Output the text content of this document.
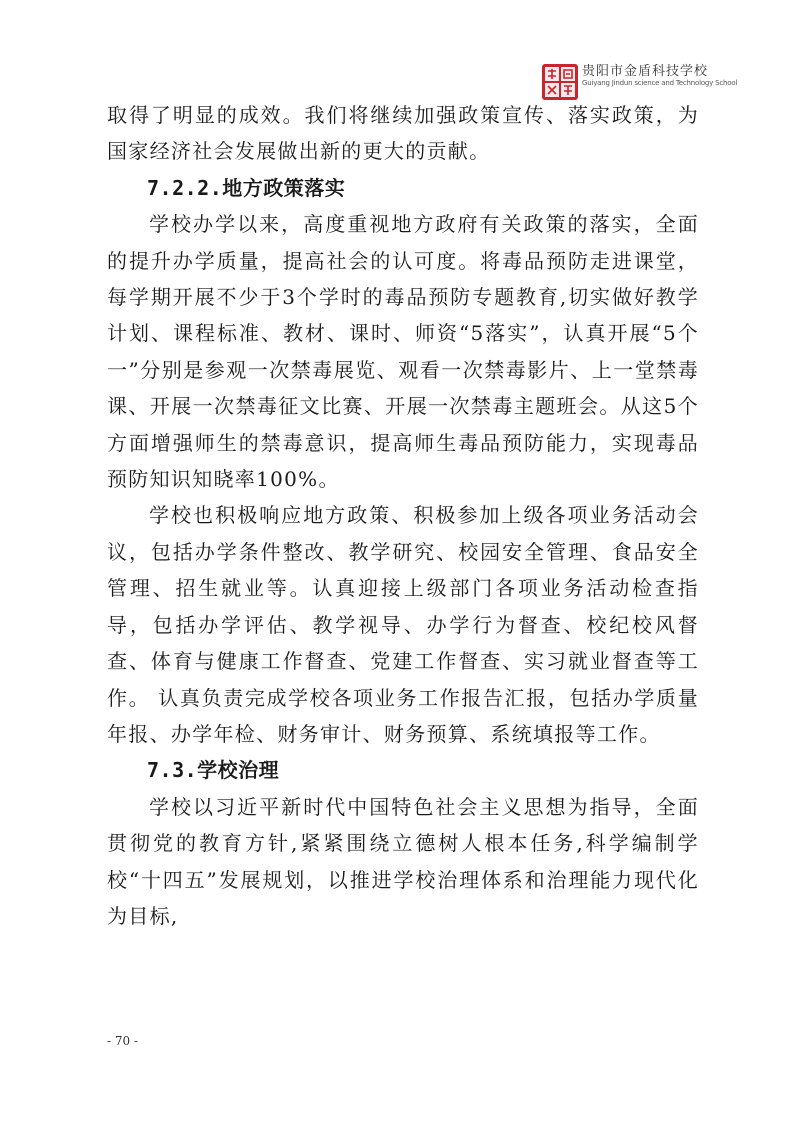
贵阳市金盾科技学校
Guiyang Jindun science and Technology School

取得了明显的成效。我们将继续加强政策宣传、落实政策，为国家经济社会发展做出新的更大的贡献。

7.2.2.地方政策落实

学校办学以来，高度重视地方政府有关政策的落实，全面的提升办学质量，提高社会的认可度。将毒品预防走进课堂，每学期开展不少于3个学时的毒品预防专题教育,切实做好教学计划、课程标准、教材、课时、师资“5落实”，认真开展“5个一”分别是参观一次禁毒展览、观看一次禁毒影片、上一堂禁毒课、开展一次禁毒征文比赛、开展一次禁毒主题班会。从这5个方面增强师生的禁毒意识，提高师生毒品预防能力，实现毒品预防知识知晓率100%。

学校也积极响应地方政策、积极参加上级各项业务活动会议，包括办学条件整改、教学研究、校园安全管理、食品安全管理、招生就业等。认真迎接上级部门各项业务活动检查指导，包括办学评估、教学视导、办学行为督查、校纪校风督查、体育与健康工作督查、党建工作督查、实习就业督查等工作。 认真负责完成学校各项业务工作报告汇报，包括办学质量年报、办学年检、财务审计、财务预算、系统填报等工作。

7.3.学校治理

学校以习近平新时代中国特色社会主义思想为指导，全面贯彻党的教育方针,紧紧围绕立德树人根本任务,科学编制学校“十四五”发展规划，以推进学校治理体系和治理能力现代化为目标,

- 70 -
